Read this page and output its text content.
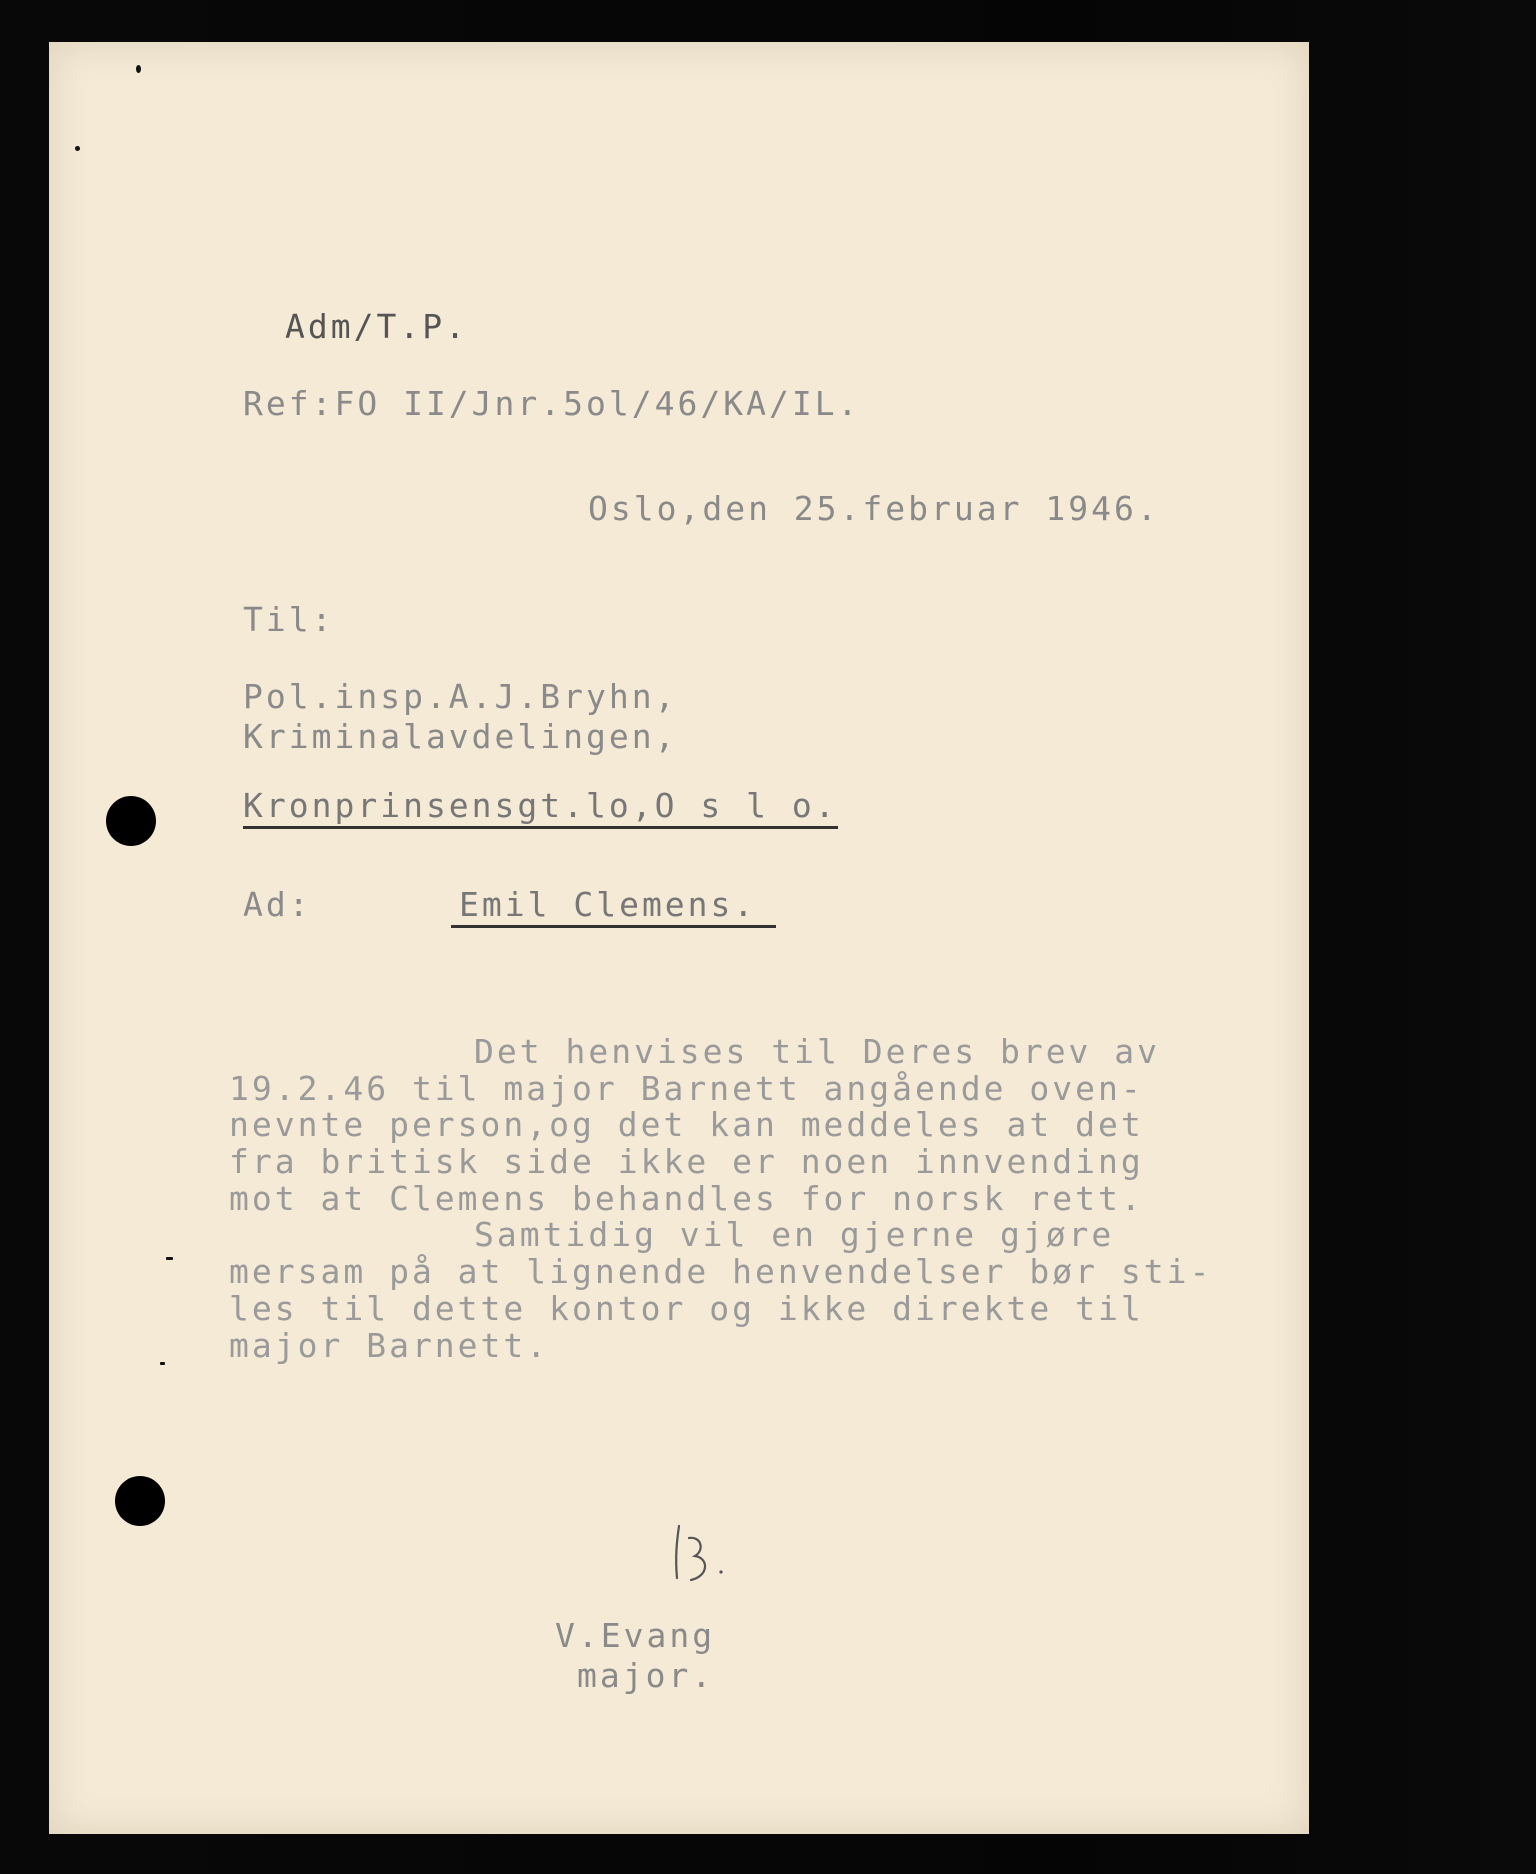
Adm/T.P.
Ref:FO II/Jnr.5ol/46/KA/IL.
Oslo,den 25.februar 1946.
Til:
Pol.insp.A.J.Bryhn,
Kriminalavdelingen,
Kronprinsensgt.lo,O s l o.
Ad:	Emil Clemens.
Det henvises til Deres brev av
19.2.46 til major Barnett angående oven-
nevnte person,og det kan meddeles at det
fra britisk side ikke er noen innvending
mot at Clemens behandles for norsk rett.
Samtidig vil en gjerne gjøre
mersam på at lignende henvendelser bør sti-
les til dette kontor og ikke direkte til
major Barnett.
V.Evang
major.
